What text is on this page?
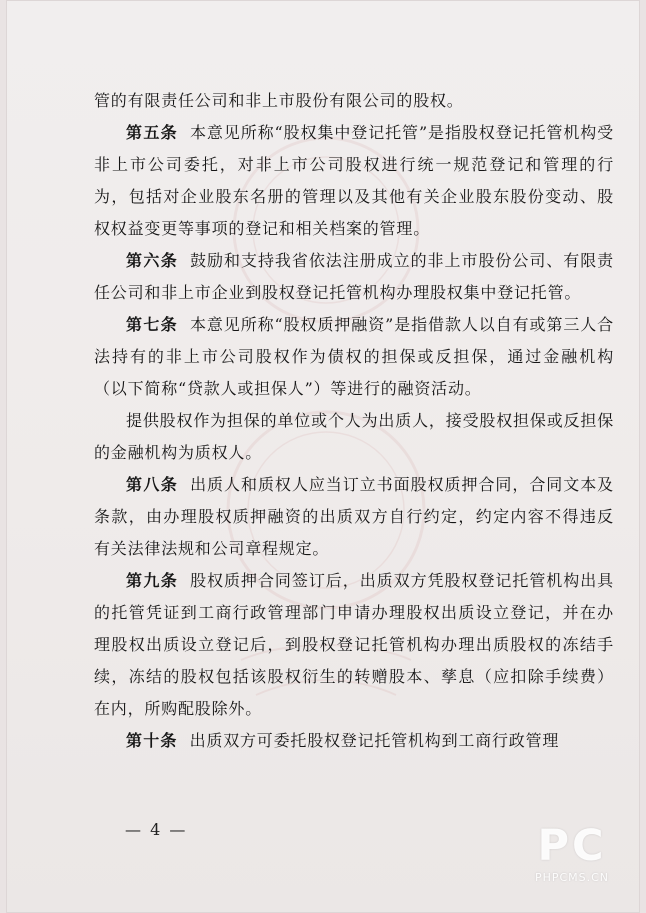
管的有限责任公司和非上市股份有限公司的股权。

第五条 本意见所称“股权集中登记托管”是指股权登记托管机构受非上市公司委托，对非上市公司股权进行统一规范登记和管理的行为，包括对企业股东名册的管理以及其他有关企业股东股份变动、股权权益变更等事项的登记和相关档案的管理。

第六条 鼓励和支持我省依法注册成立的非上市股份公司、有限责任公司和非上市企业到股权登记托管机构办理股权集中登记托管。

第七条 本意见所称“股权质押融资”是指借款人以自有或第三人合法持有的非上市公司股权作为债权的担保或反担保，通过金融机构（以下简称“贷款人或担保人”）等进行的融资活动。

提供股权作为担保的单位或个人为出质人，接受股权担保或反担保的金融机构为质权人。

第八条 出质人和质权人应当订立书面股权质押合同，合同文本及条款，由办理股权质押融资的出质双方自行约定，约定内容不得违反有关法律法规和公司章程规定。

第九条 股权质押合同签订后，出质双方凭股权登记托管机构出具的托管凭证到工商行政管理部门申请办理股权出质设立登记，并在办理股权出质设立登记后，到股权登记托管机构办理出质股权的冻结手续，冻结的股权包括该股权衍生的转赠股本、孳息（应扣除手续费）在内，所购配股除外。

第十条 出质双方可委托股权登记托管机构到工商行政管理

— 4 —	PC
PHPCMS.CN
